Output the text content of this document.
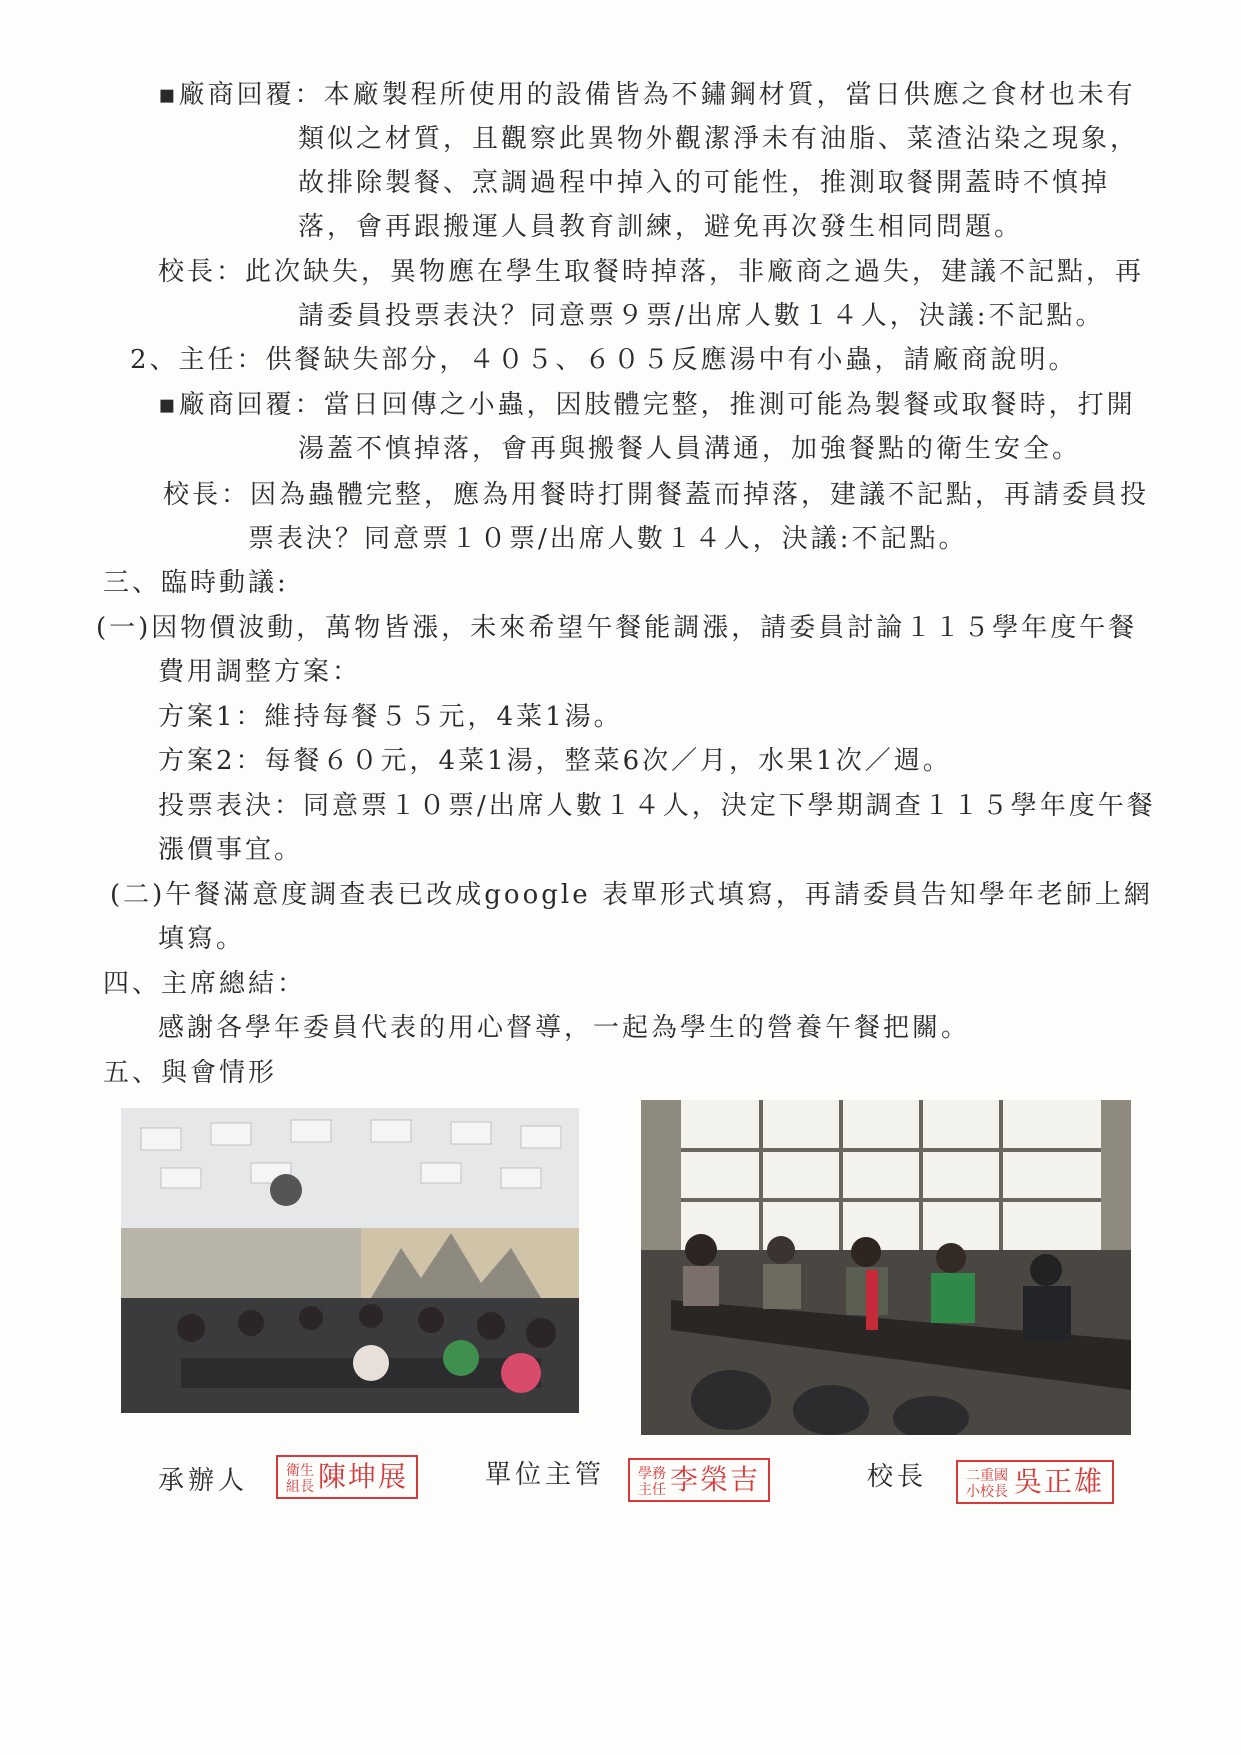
▪廠商回覆：本廠製程所使用的設備皆為不鏽鋼材質，當日供應之食材也未有
類似之材質，且觀察此異物外觀潔淨未有油脂、菜渣沾染之現象，
故排除製餐、烹調過程中掉入的可能性，推測取餐開蓋時不慎掉
落，會再跟搬運人員教育訓練，避免再次發生相同問題。
校長：此次缺失，異物應在學生取餐時掉落，非廠商之過失，建議不記點，再
請委員投票表決？同意票９票/出席人數１４人，決議:不記點。
2、主任：供餐缺失部分，４０５、６０５反應湯中有小蟲，請廠商說明。
▪廠商回覆：當日回傳之小蟲，因肢體完整，推測可能為製餐或取餐時，打開
湯蓋不慎掉落，會再與搬餐人員溝通，加強餐點的衛生安全。
校長：因為蟲體完整，應為用餐時打開餐蓋而掉落，建議不記點，再請委員投
票表決？同意票１０票/出席人數１４人，決議:不記點。
三、臨時動議:
(一)因物價波動，萬物皆漲，未來希望午餐能調漲，請委員討論１１５學年度午餐
費用調整方案：
方案1：維持每餐５５元，4菜1湯。
方案2：每餐６０元，4菜1湯，整菜6次／月，水果1次／週。
投票表決：同意票１０票/出席人數１４人，決定下學期調查１１５學年度午餐
漲價事宜。
(二)午餐滿意度調查表已改成google 表單形式填寫，再請委員告知學年老師上網
填寫。
四、主席總結：
感謝各學年委員代表的用心督導，一起為學生的營養午餐把關。
五、與會情形
承辦人	衛生組長 陳坤展	單位主管	學務主任 李榮吉	校長	二重國小校長 吳正雄
